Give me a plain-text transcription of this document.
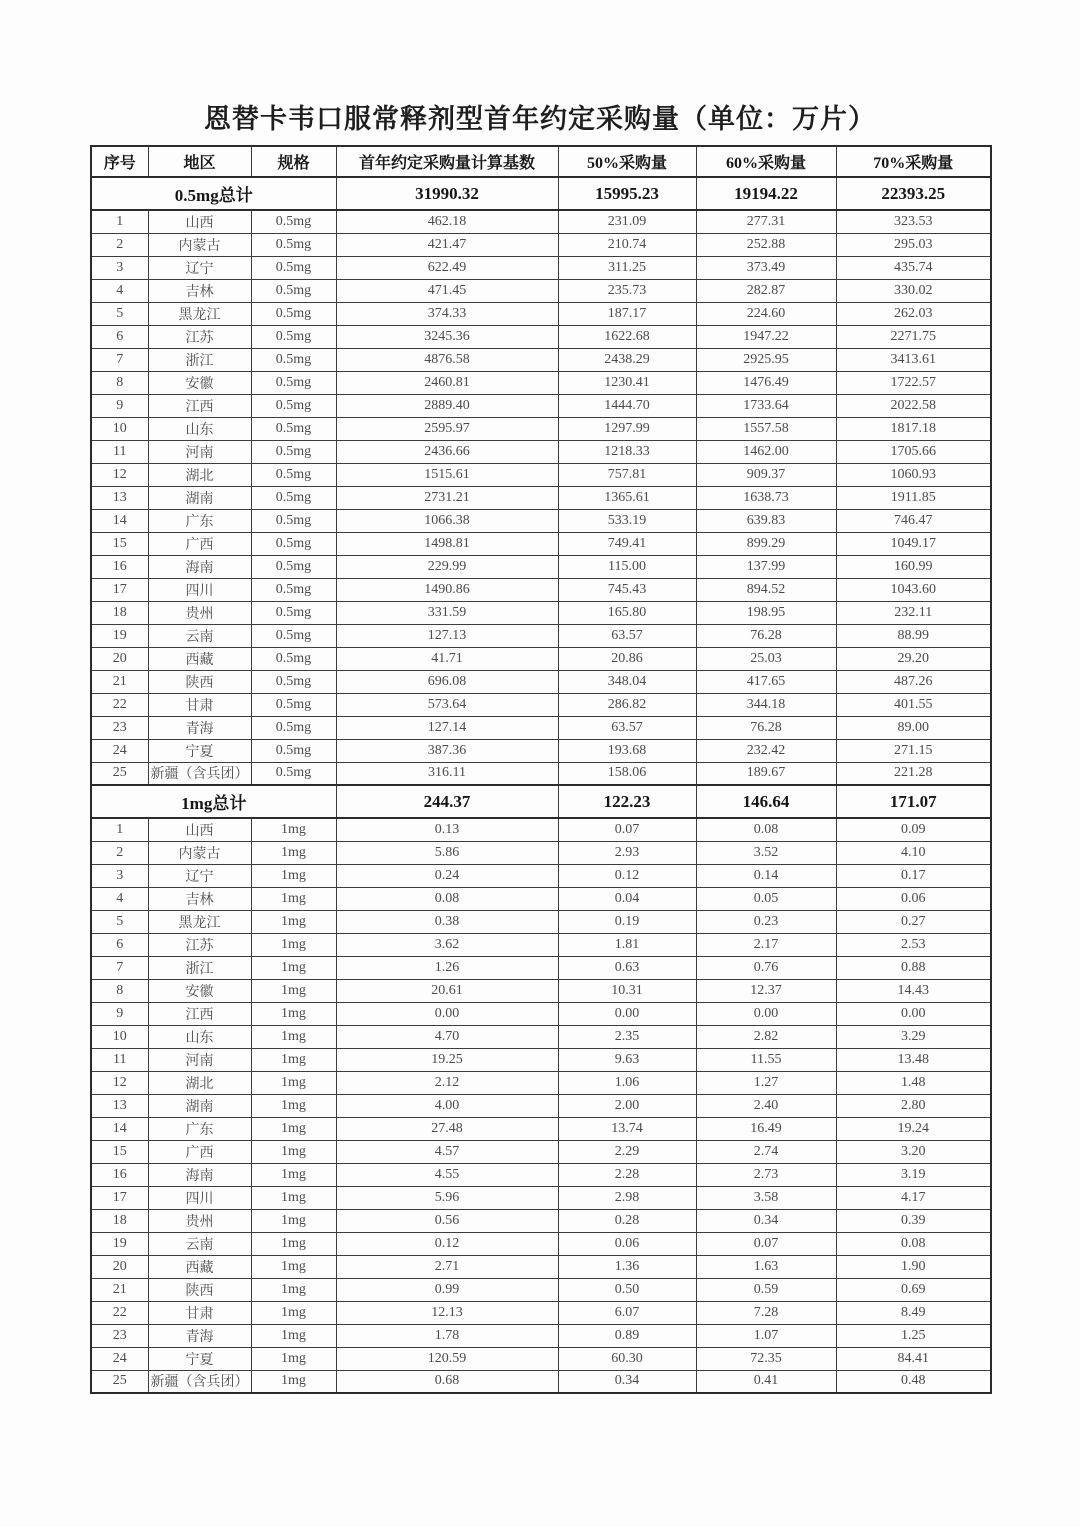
恩替卡韦口服常释剂型首年约定采购量（单位：万片）
序号	地区	规格	首年约定采购量计算基数	50%采购量	60%采购量	70%采购量
0.5mg总计			31990.32	15995.23	19194.22	22393.25
1	山西	0.5mg	462.18	231.09	277.31	323.53
2	内蒙古	0.5mg	421.47	210.74	252.88	295.03
3	辽宁	0.5mg	622.49	311.25	373.49	435.74
4	吉林	0.5mg	471.45	235.73	282.87	330.02
5	黑龙江	0.5mg	374.33	187.17	224.60	262.03
6	江苏	0.5mg	3245.36	1622.68	1947.22	2271.75
7	浙江	0.5mg	4876.58	2438.29	2925.95	3413.61
8	安徽	0.5mg	2460.81	1230.41	1476.49	1722.57
9	江西	0.5mg	2889.40	1444.70	1733.64	2022.58
10	山东	0.5mg	2595.97	1297.99	1557.58	1817.18
11	河南	0.5mg	2436.66	1218.33	1462.00	1705.66
12	湖北	0.5mg	1515.61	757.81	909.37	1060.93
13	湖南	0.5mg	2731.21	1365.61	1638.73	1911.85
14	广东	0.5mg	1066.38	533.19	639.83	746.47
15	广西	0.5mg	1498.81	749.41	899.29	1049.17
16	海南	0.5mg	229.99	115.00	137.99	160.99
17	四川	0.5mg	1490.86	745.43	894.52	1043.60
18	贵州	0.5mg	331.59	165.80	198.95	232.11
19	云南	0.5mg	127.13	63.57	76.28	88.99
20	西藏	0.5mg	41.71	20.86	25.03	29.20
21	陕西	0.5mg	696.08	348.04	417.65	487.26
22	甘肃	0.5mg	573.64	286.82	344.18	401.55
23	青海	0.5mg	127.14	63.57	76.28	89.00
24	宁夏	0.5mg	387.36	193.68	232.42	271.15
25	新疆（含兵团）	0.5mg	316.11	158.06	189.67	221.28
1mg总计			244.37	122.23	146.64	171.07
1	山西	1mg	0.13	0.07	0.08	0.09
2	内蒙古	1mg	5.86	2.93	3.52	4.10
3	辽宁	1mg	0.24	0.12	0.14	0.17
4	吉林	1mg	0.08	0.04	0.05	0.06
5	黑龙江	1mg	0.38	0.19	0.23	0.27
6	江苏	1mg	3.62	1.81	2.17	2.53
7	浙江	1mg	1.26	0.63	0.76	0.88
8	安徽	1mg	20.61	10.31	12.37	14.43
9	江西	1mg	0.00	0.00	0.00	0.00
10	山东	1mg	4.70	2.35	2.82	3.29
11	河南	1mg	19.25	9.63	11.55	13.48
12	湖北	1mg	2.12	1.06	1.27	1.48
13	湖南	1mg	4.00	2.00	2.40	2.80
14	广东	1mg	27.48	13.74	16.49	19.24
15	广西	1mg	4.57	2.29	2.74	3.20
16	海南	1mg	4.55	2.28	2.73	3.19
17	四川	1mg	5.96	2.98	3.58	4.17
18	贵州	1mg	0.56	0.28	0.34	0.39
19	云南	1mg	0.12	0.06	0.07	0.08
20	西藏	1mg	2.71	1.36	1.63	1.90
21	陕西	1mg	0.99	0.50	0.59	0.69
22	甘肃	1mg	12.13	6.07	7.28	8.49
23	青海	1mg	1.78	0.89	1.07	1.25
24	宁夏	1mg	120.59	60.30	72.35	84.41
25	新疆（含兵团）	1mg	0.68	0.34	0.41	0.48
